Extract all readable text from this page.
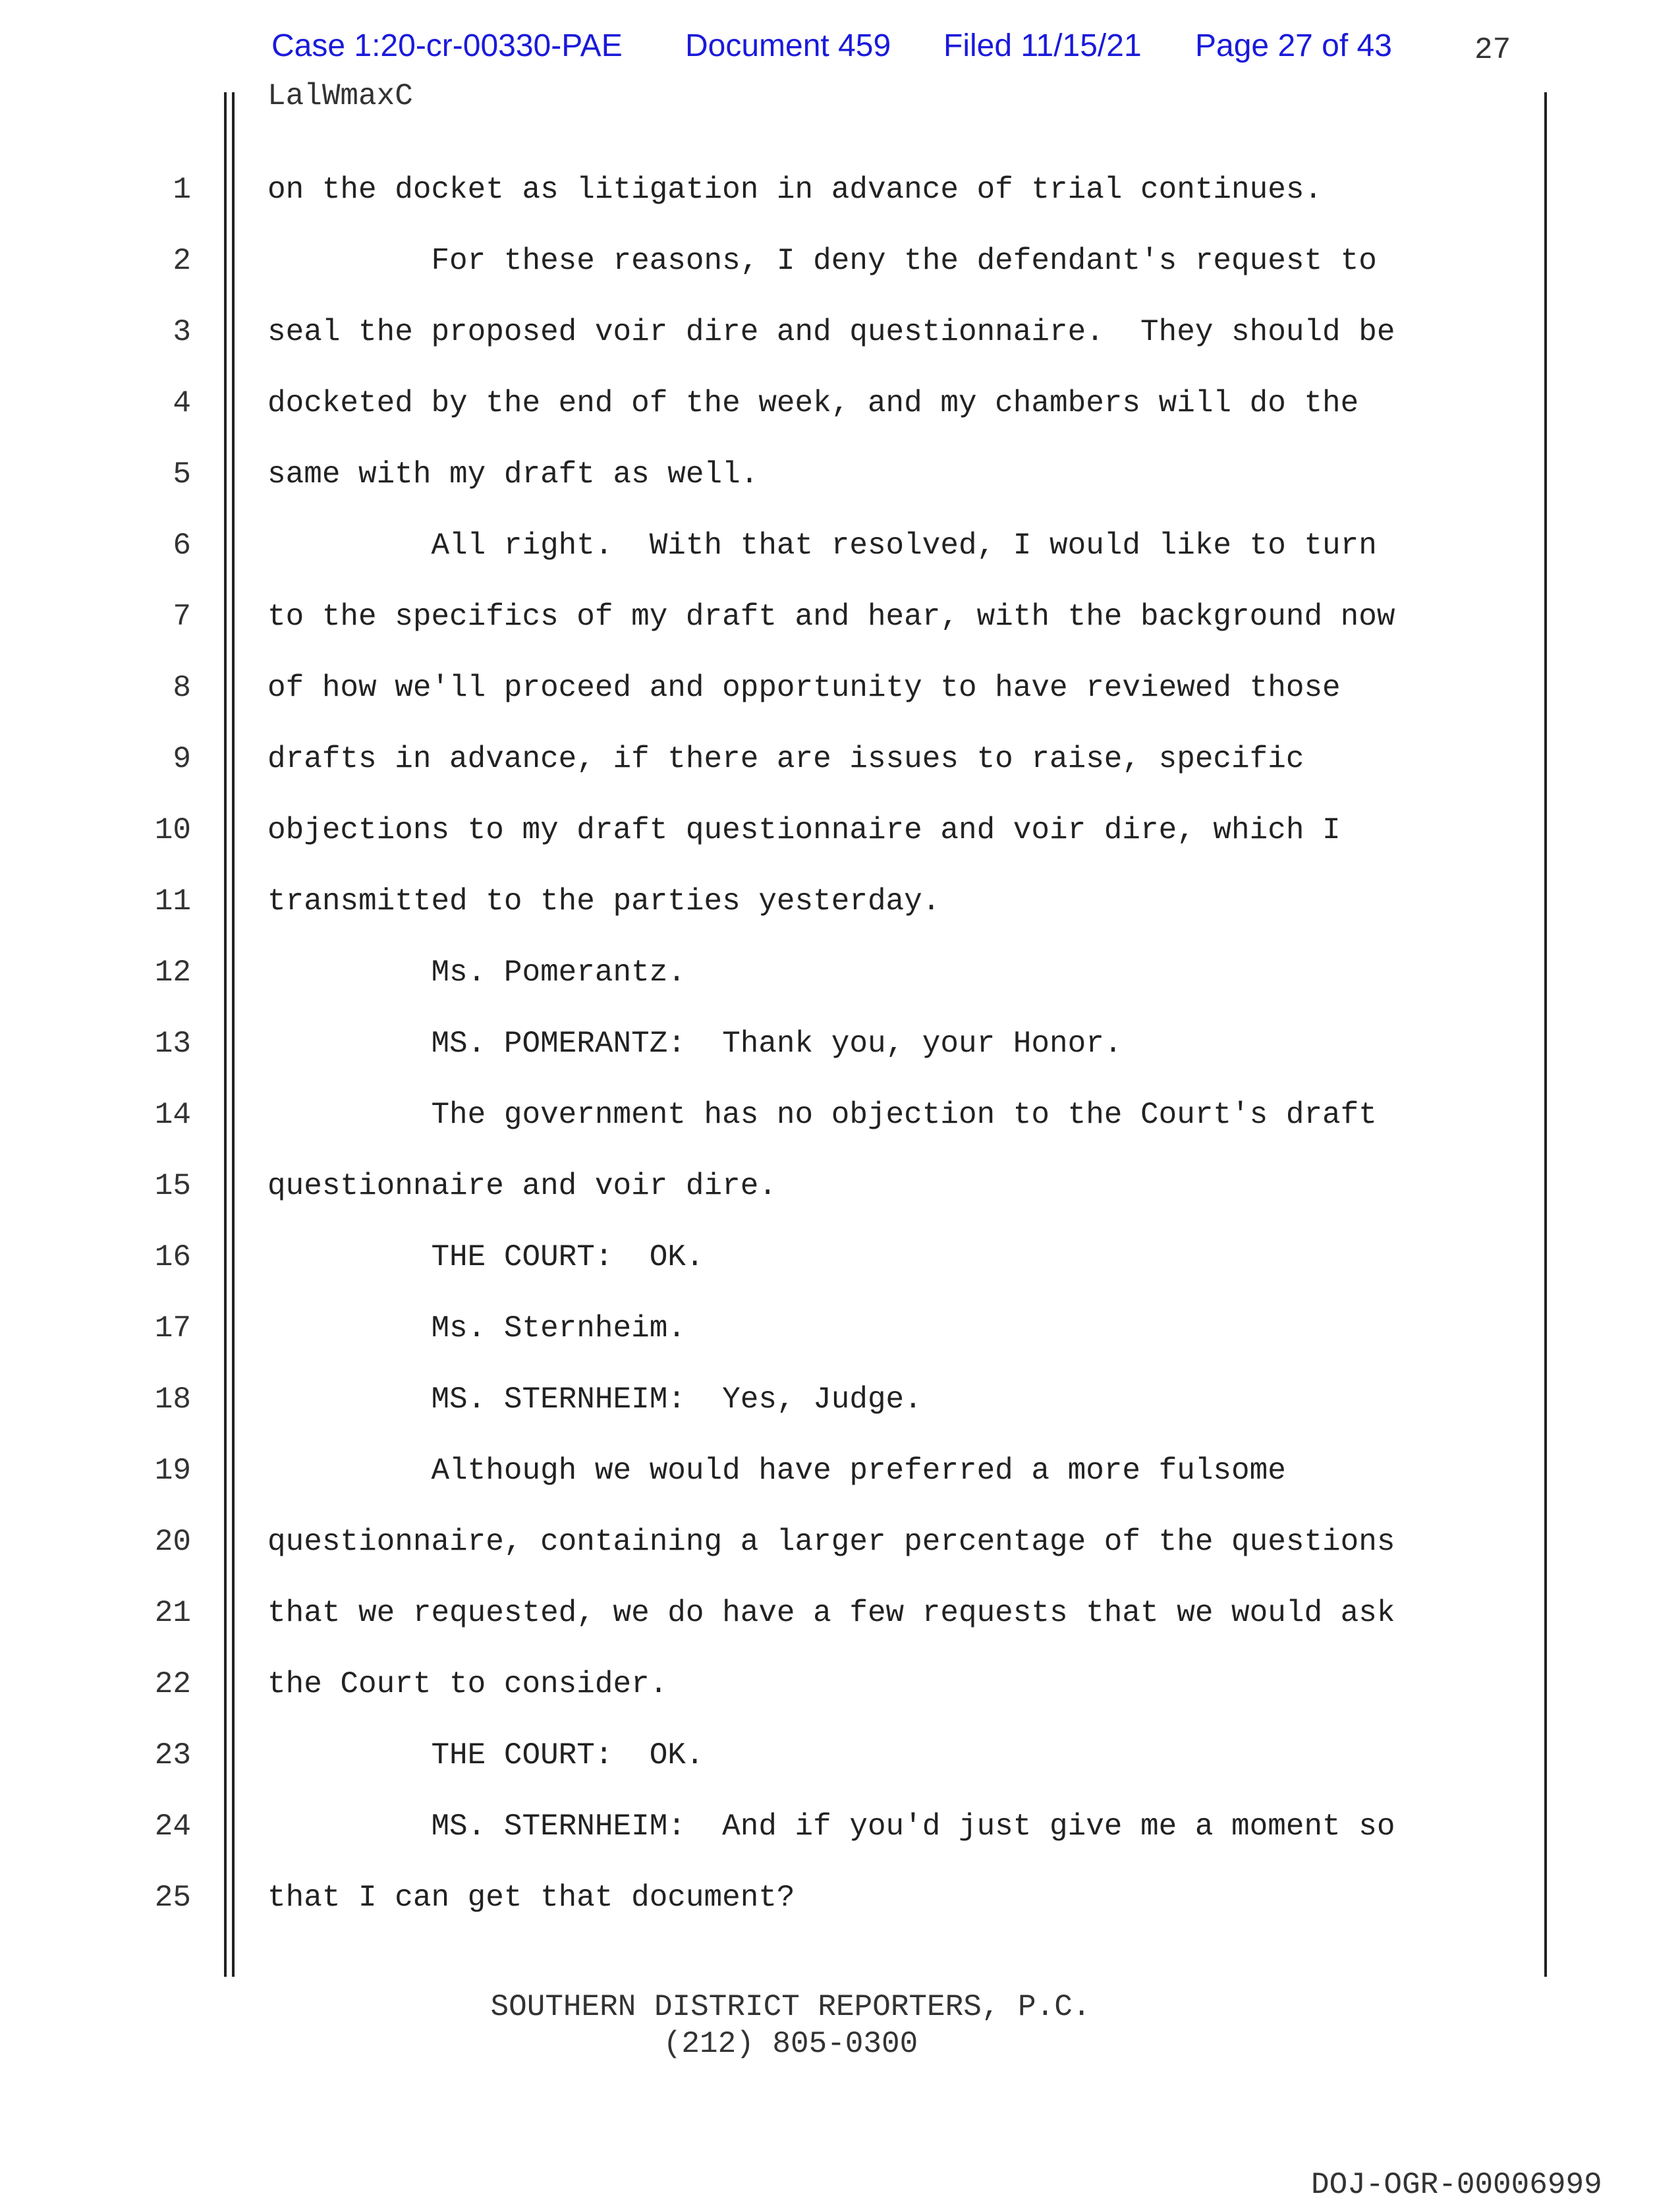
Case 1:20-cr-00330-PAE Document 459 Filed 11/15/21 Page 27 of 43	27
LalWmaxC
1	on the docket as litigation in advance of trial continues.
2	For these reasons, I deny the defendant's request to
3	seal the proposed voir dire and questionnaire.  They should be
4	docketed by the end of the week, and my chambers will do the
5	same with my draft as well.
6	All right.  With that resolved, I would like to turn
7	to the specifics of my draft and hear, with the background now
8	of how we'll proceed and opportunity to have reviewed those
9	drafts in advance, if there are issues to raise, specific
10	objections to my draft questionnaire and voir dire, which I
11	transmitted to the parties yesterday.
12	Ms. Pomerantz.
13	MS. POMERANTZ:  Thank you, your Honor.
14	The government has no objection to the Court's draft
15	questionnaire and voir dire.
16	THE COURT:  OK.
17	Ms. Sternheim.
18	MS. STERNHEIM:  Yes, Judge.
19	Although we would have preferred a more fulsome
20	questionnaire, containing a larger percentage of the questions
21	that we requested, we do have a few requests that we would ask
22	the Court to consider.
23	THE COURT:  OK.
24	MS. STERNHEIM:  And if you'd just give me a moment so
25	that I can get that document?
SOUTHERN DISTRICT REPORTERS, P.C.
(212) 805-0300
DOJ-OGR-00006999
